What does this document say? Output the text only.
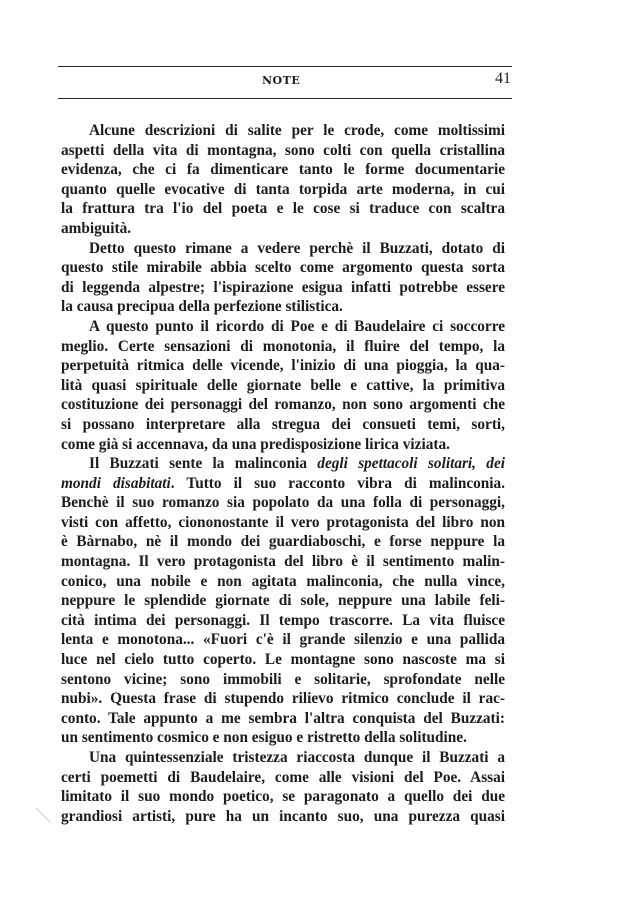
NOTE	41
Alcune descrizioni di salite per le crode, come moltissimi
aspetti della vita di montagna, sono colti con quella cristallina
evidenza, che ci fa dimenticare tanto le forme documentarie
quanto quelle evocative di tanta torpida arte moderna, in cui
la frattura tra l'io del poeta e le cose si traduce con scaltra
ambiguità.
Detto questo rimane a vedere perchè il Buzzati, dotato di
questo stile mirabile abbia scelto come argomento questa sorta
di leggenda alpestre; l'ispirazione esigua infatti potrebbe essere
la causa precipua della perfezione stilistica.
A questo punto il ricordo di Poe e di Baudelaire ci soccorre
meglio. Certe sensazioni di monotonia, il fluire del tempo, la
perpetuità ritmica delle vicende, l'inizio di una pioggia, la qua-
lità quasi spirituale delle giornate belle e cattive, la primitiva
costituzione dei personaggi del romanzo, non sono argomenti che
si possano interpretare alla stregua dei consueti temi, sorti,
come già si accennava, da una predisposizione lirica viziata.
Il Buzzati sente la malinconia degli spettacoli solitari, dei
mondi disabitati. Tutto il suo racconto vibra di malinconia.
Benchè il suo romanzo sia popolato da una folla di personaggi,
visti con affetto, ciononostante il vero protagonista del libro non
è Bàrnabo, nè il mondo dei guardiaboschi, e forse neppure la
montagna. Il vero protagonista del libro è il sentimento malin-
conico, una nobile e non agitata malinconia, che nulla vince,
neppure le splendide giornate di sole, neppure una labile feli-
cità intima dei personaggi. Il tempo trascorre. La vita fluisce
lenta e monotona... «Fuori c'è il grande silenzio e una pallida
luce nel cielo tutto coperto. Le montagne sono nascoste ma si
sentono vicine; sono immobili e solitarie, sprofondate nelle
nubi». Questa frase di stupendo rilievo ritmico conclude il rac-
conto. Tale appunto a me sembra l'altra conquista del Buzzati:
un sentimento cosmico e non esiguo e ristretto della solitudine.
Una quintessenziale tristezza riaccosta dunque il Buzzati a
certi poemetti di Baudelaire, come alle visioni del Poe. Assai
limitato il suo mondo poetico, se paragonato a quello dei due
grandiosi artisti, pure ha un incanto suo, una purezza quasi
